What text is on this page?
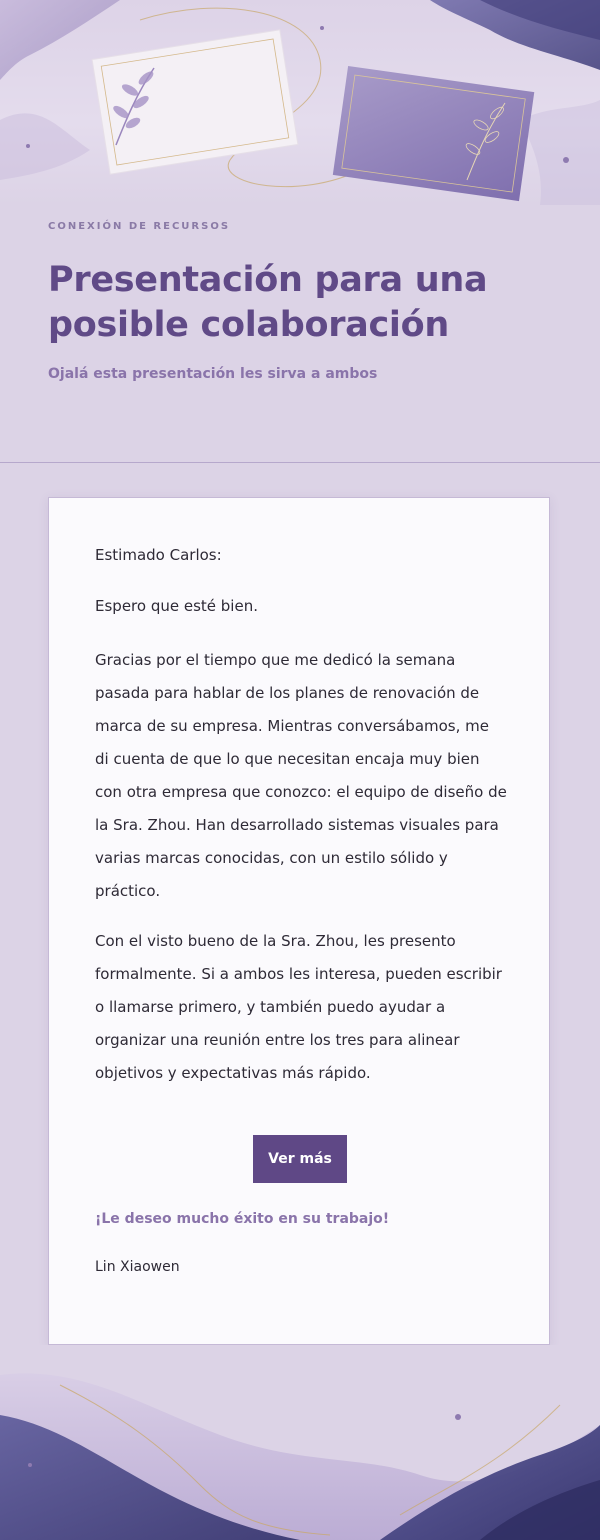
CONEXIÓN DE RECURSOS

Presentación para una posible colaboración

Ojalá esta presentación les sirva a ambos

Estimado Carlos:

Espero que esté bien.

Gracias por el tiempo que me dedicó la semana pasada para hablar de los planes de renovación de marca de su empresa. Mientras conversábamos, me di cuenta de que lo que necesitan encaja muy bien con otra empresa que conozco: el equipo de diseño de la Sra. Zhou. Han desarrollado sistemas visuales para varias marcas conocidas, con un estilo sólido y práctico.

Con el visto bueno de la Sra. Zhou, les presento formalmente. Si a ambos les interesa, pueden escribir o llamarse primero, y también puedo ayudar a organizar una reunión entre los tres para alinear objetivos y expectativas más rápido.

Ver más

¡Le deseo mucho éxito en su trabajo!

Lin Xiaowen
